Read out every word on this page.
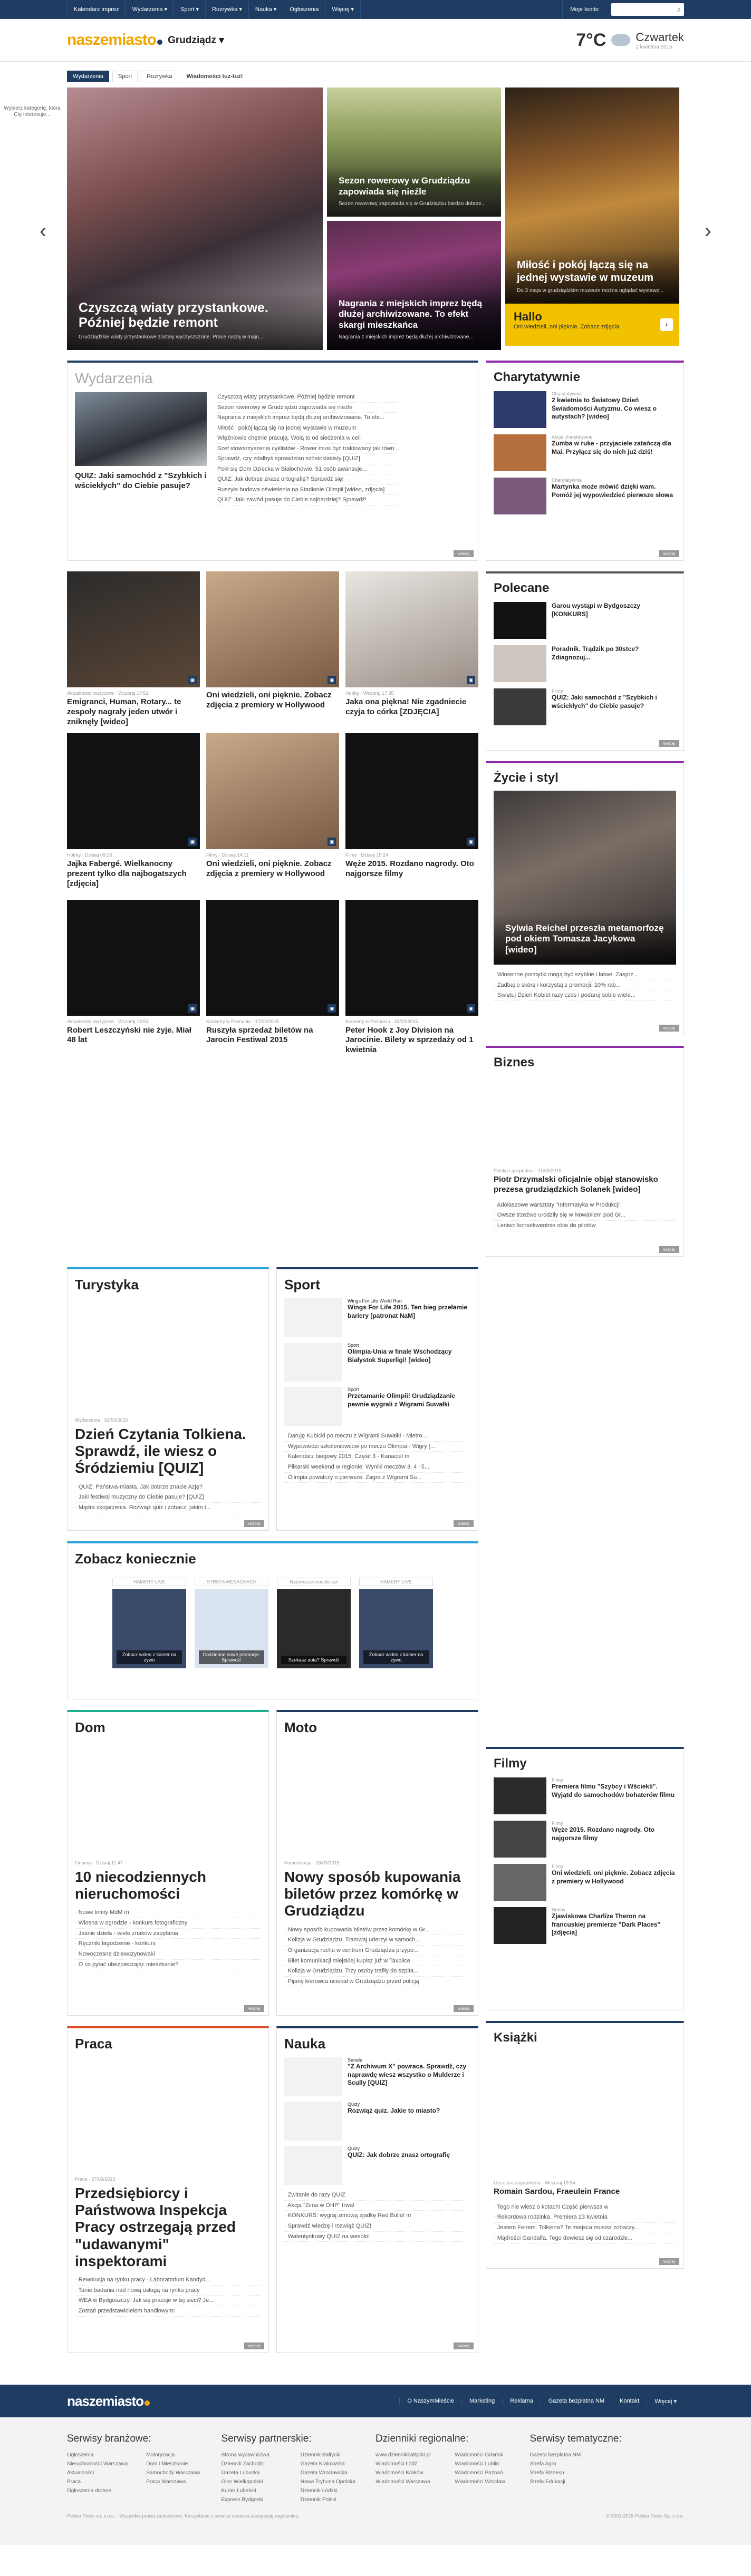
Kalendarz imprez	Wydarzenia ▾	Sport ▾	Rozrywka ▾	Nauka ▾	Ogłoszenia	Więcej ▾	Moje konto	⌕
naszemiasto	Grudziądz ▾	7°C	Czwartek
2 kwietnia 2015
Wybierz kategorię, która Cię interesuje...
Wydarzenia	Sport	Rozrywka	Wiadomości tuż-tuż!
‹	›
Czyszczą wiaty przystankowe. Później będzie remont

Grudziądzkie wiaty przystankowe zostały wyczyszczone. Prace ruszą w maju...

Sezon rowerowy w Grudziądzu zapowiada się nieźle

Sezon rowerowy zapowiada się w Grudziądzu bardzo dobrze...

Nagrania z miejskich imprez będą dłużej archiwizowane. To efekt skargi mieszkańca

Nagrania z miejskich imprez będą dłużej archiwizowane...

Miłość i pokój łączą się na jednej wystawie w muzeum

Do 3 maja w grudziądzkim muzeum można oglądać wystawę...

Hallo

Oni wiedzieli, oni pięknie. Zobacz zdjęcia	›
Wydarzenia
QUIZ: Jaki samochód z "Szybkich i wściekłych" do Ciebie pasuje?
Czyszczą wiaty przystankowe. Później będzie remont
Sezon rowerowy w Grudziądzu zapowiada się nieźle
Nagrania z miejskich imprez będą dłużej archiwizowane. To efe...
Miłość i pokój łączą się na jednej wystawie w muzeum
Więźniowie chętnie pracują. Wolą to od siedzenia w celi
Szef stowarzyszenia cyklistów - Rower musi być traktowany jak równ...
Sprawdź, czy zdałbyś sprawdzian szóstoklasisty [QUIZ]
Pokł się Dom Dziecka w Białochowie. 51 osób awansuje...
QUIZ: Jak dobrze znasz ortografię? Sprawdź się!
Ruszyła budowa oświetlenia na Stadionie Olimpii [wideo, zdjęcia]
QUIZ: Jaki zawód pasuje do Ciebie najbardziej? Sprawdź!
więcej
▣
Aktualności muzyczne · Wczoraj 17:51
Emigranci, Human, Rotary... te zespoły nagrały jeden utwór i zniknęły [wideo]
▣
Oni wiedzieli, oni pięknie. Zobacz zdjęcia z premiery w Hollywood
▣
Hobby · Wczoraj 17:35
Jaka ona piękna! Nie zgadniecie czyja to córka [ZDJĘCIA]
▣
Hobby · Dzisiaj 09:26
Jajka Fabergé. Wielkanocny prezent tylko dla najbogatszych [zdjęcia]
▣
Filmy · Dzisiaj 14:11
Oni wiedzieli, oni pięknie. Zobacz zdjęcia z premiery w Hollywood
▣
Filmy · Dzisiaj 15:24
Węże 2015. Rozdano nagrody. Oto najgorsze filmy
▣
Aktualności muzyczne · Wczoraj 18:51
Robert Leszczyński nie żyje. Miał 48 lat
▣
Koncerty w Poznaniu · 17/03/2015
Ruszyła sprzedaż biletów na Jarocin Festiwal 2015
▣
Koncerty w Poznaniu · 31/03/2015
Peter Hook z Joy Division na Jarocinie. Bilety w sprzedaży od 1 kwietnia
Charytatywnie
Charytatywnie
2 kwietnia to Światowy Dzień Świadomości Autyzmu. Co wiesz o autystach? [wideo]
Akcje charytatywne
Zumba w ruke - przyjaciele zatańczą dla Mai. Przyłącz się do nich już dziś!
Charytatywnie
Martynka może mówić dzięki wam. Pomóż jej wypowiedzieć pierwsze słowa
więcej
Polecane
Garou wystąpi w Bydgoszczy [KONKURS]
Poradnik. Trądzik po 30stce? Zdiagnozuj...
Filmy
QUIZ: Jaki samochód z "Szybkich i wściekłych" do Ciebie pasuje?
więcej
Życie i styl
Sylwia Reichel przeszła metamorfozę pod okiem Tomasza Jacykowa [wideo]
· Wiosenne porządki mogą być szybkie i łatwe. Zasprz...
· Zadbaj o skórę i korzystaj z promocji. 10% rab...
· Swiętuj Dzień Kobiet razy czas i podaruj sobie wiele...
więcej
Biznes
Polska i gospodarz · 11/03/2015
Piotr Drzymalski oficjalnie objął stanowisko prezesa grudziądzkich Solanek [wideo]
· Adolaszowe warsztaty "Informatyka w Produkcji"
· Owsze trzeźwe urodziły się w Nowakiem pod Gr...
· Leniwo konsekwentnie obie do pilotów
więcej
Turystyka
Wydarzenia · 31/03/2015
Dzień Czytania Tolkiena. Sprawdź, ile wiesz o Śródziemiu [QUIZ]
· QUIZ: Państwa-miasta. Jak dobrze znacie Azję?
· Jaki festiwal muzyczny do Ciebie pasuje? [QUIZ]
· Mądra skojarzenia. Rozwiąż quiz i zobacz, jakim t...
więcej
Sport
Wings For Life World Run
Wings For Life 2015. Ten bieg przełamie bariery [patronat NaM]
Sport
Olimpia-Unia w finale Wschodzący Białystok Superligi! [wideo]
Sport
Przetamanie Olimpii! Grudziądzanie pewnie wygrali z Wigrami Suwałki
· Daruję Kubicki po meczu z Wigrami Suwałki - Mietro...
· Wypowiedzi szkoleniowców po meczu Olimpia - Wigry [...
· Kalendarz biegowy 2015. Część 3 - Kanaciel m
· Piłkarski weekend w regionie. Wyniki meczów 3, 4 i 5...
· Olimpia powalczy o pierwsze. Zagra z Wigrami Su...
więcej
Zobacz koniecznie
HAMERY LIVE
Zobacz wideo z kamer na żywo
STREFA MESACHACH
Codzienne nowe promocje. Sprawdź!
Najnowsze modele aut
Szukasz auta? Sprawdź
HAMERY LIVE
Zobacz wideo z kamer na żywo
Dom
Finanse · Dzisiaj 11:47
10 niecodziennych nieruchomości
· Nowe limity MdM m
· Wiosna w ogrodzie - konkurs fotograficzny
· Jaśnie dzieła - wiele znaków zapytania
· Ręczniki łagodzenie - konkurs
· Nowoczesne dziewczynowaki
· O co pytać ubezpieczając mieszkanie?
więcej
Moto
Komunikacja · 16/03/2015
Nowy sposób kupowania biletów przez komórkę w Grudziądzu
· Nowy sposób kupowania biletów przez komórkę w Gr...
· Kolizja w Grudziądzu. Tramwaj uderzył w samoch...
· Organizacja ruchu w centrum Grudziądza przypo...
· Bilet komunikacji miejskiej kupisz już w Taxpiłce
· Kolizja w Grudziądzu. Trzy osoby trafiły do szpita...
· Pijany kierowca uciekał w Grudziądzu przed policją
więcej
Praca
Praca · 27/03/2015
Przedsiębiorcy i Państwowa Inspekcja Pracy ostrzegają przed "udawanymi" inspektorami
· Rewolucja na rynku pracy - Laboratorium Kandyd...
· Tanie badania nad nową usługą na rynku pracy
· WEA w Bydgoszczy. Jak się pracuje w tej sieci? Je...
· Zostań przedstawicielem handlowym!
więcej
Nauka
Seriale
"Z Archiwum X" powraca. Sprawdź, czy naprawdę wiesz wszystko o Mulderze i Scully [QUIZ]
Quizy
Rozwiąż quiz. Jakie to miasto?
Quizy
QUIZ: Jak dobrze znasz ortografię
· Zwitanie do razy QUIZ
· Akcja "Zima w OHP" trwa!
· KONKURS: wygraj zimową zjadkę Red Bulla! m
· Sprawdź wiedzę i rozwiąż QUIZ!
· Walentynkowy QUIZ na wesoło!
więcej
Filmy
Filmy
Premiera filmu "Szybcy i Wściekli". Wyjątd do samochodów bohaterów filmu
Filmy
Węże 2015. Rozdano nagrody. Oto najgorsze filmy
Filmy
Oni wiedzieli, oni pięknie. Zobacz zdjęcia z premiery w Hollywood
Hobby
Zjawiskowa Charlize Theron na francuskiej premierze "Dark Places" [zdjęcia]
Książki
Literatura zagraniczna · Wczoraj 19:54
Romain Sardou, Fraeulein France
· Tego nie wiesz o kotach! Część pierwsza w
· Rekordowa rodzinka. Premiera 23 kwietnia
· Jestem Fenem. Tolkiena? Te miejsca musisz zobaczy...
· Mądrości Gandalfa. Tego dowiesz się od czarodzie...
więcej
naszemiasto	O NaszymMieście	Marketing	Reklama	Gazeta bezpłatna NM	Kontakt	Więcej ▾
Serwisy branżowe:
Ogłoszenia	Motoryzacja
Nieruchomości Warszawa	Dom i Mieszkanie
Aktualności	Samochody Warszawa
Praca	Praca Warszawa
Ogłoszenia drobne
Serwisy partnerskie:
Strona wydawnictwa	Dziennik Bałtycki
Dziennik Zachodni	Gazeta Krakowska
Gazeta Lubuska	Gazeta Wrocławska
Głos Wielkopolski	Nowa Trybuna Opolska
Kurier Lubelski	Dziennik Łódzki
Express Bydgoski	Dziennik Polski
Dzienniki regionalne:
www.dziennikbaltycki.pl	Wiadomości Gdańsk
Wiadomości Łódź	Wiadomości Lublin
Wiadomości Kraków	Wiadomości Poznań
Wiadomości Warszawa	Wiadomości Wrocław
Serwisy tematyczne:
Gazeta bezpłatna NM
Strefa Agro
Strefa Biznesu
Strefa Edukacji
Polska Press sp. z o.o. - Wszystkie prawa zastrzeżone. Korzystanie z serwisu oznacza akceptację regulaminu.	© 2001-2015 Polska Press Sp. z o.o.
